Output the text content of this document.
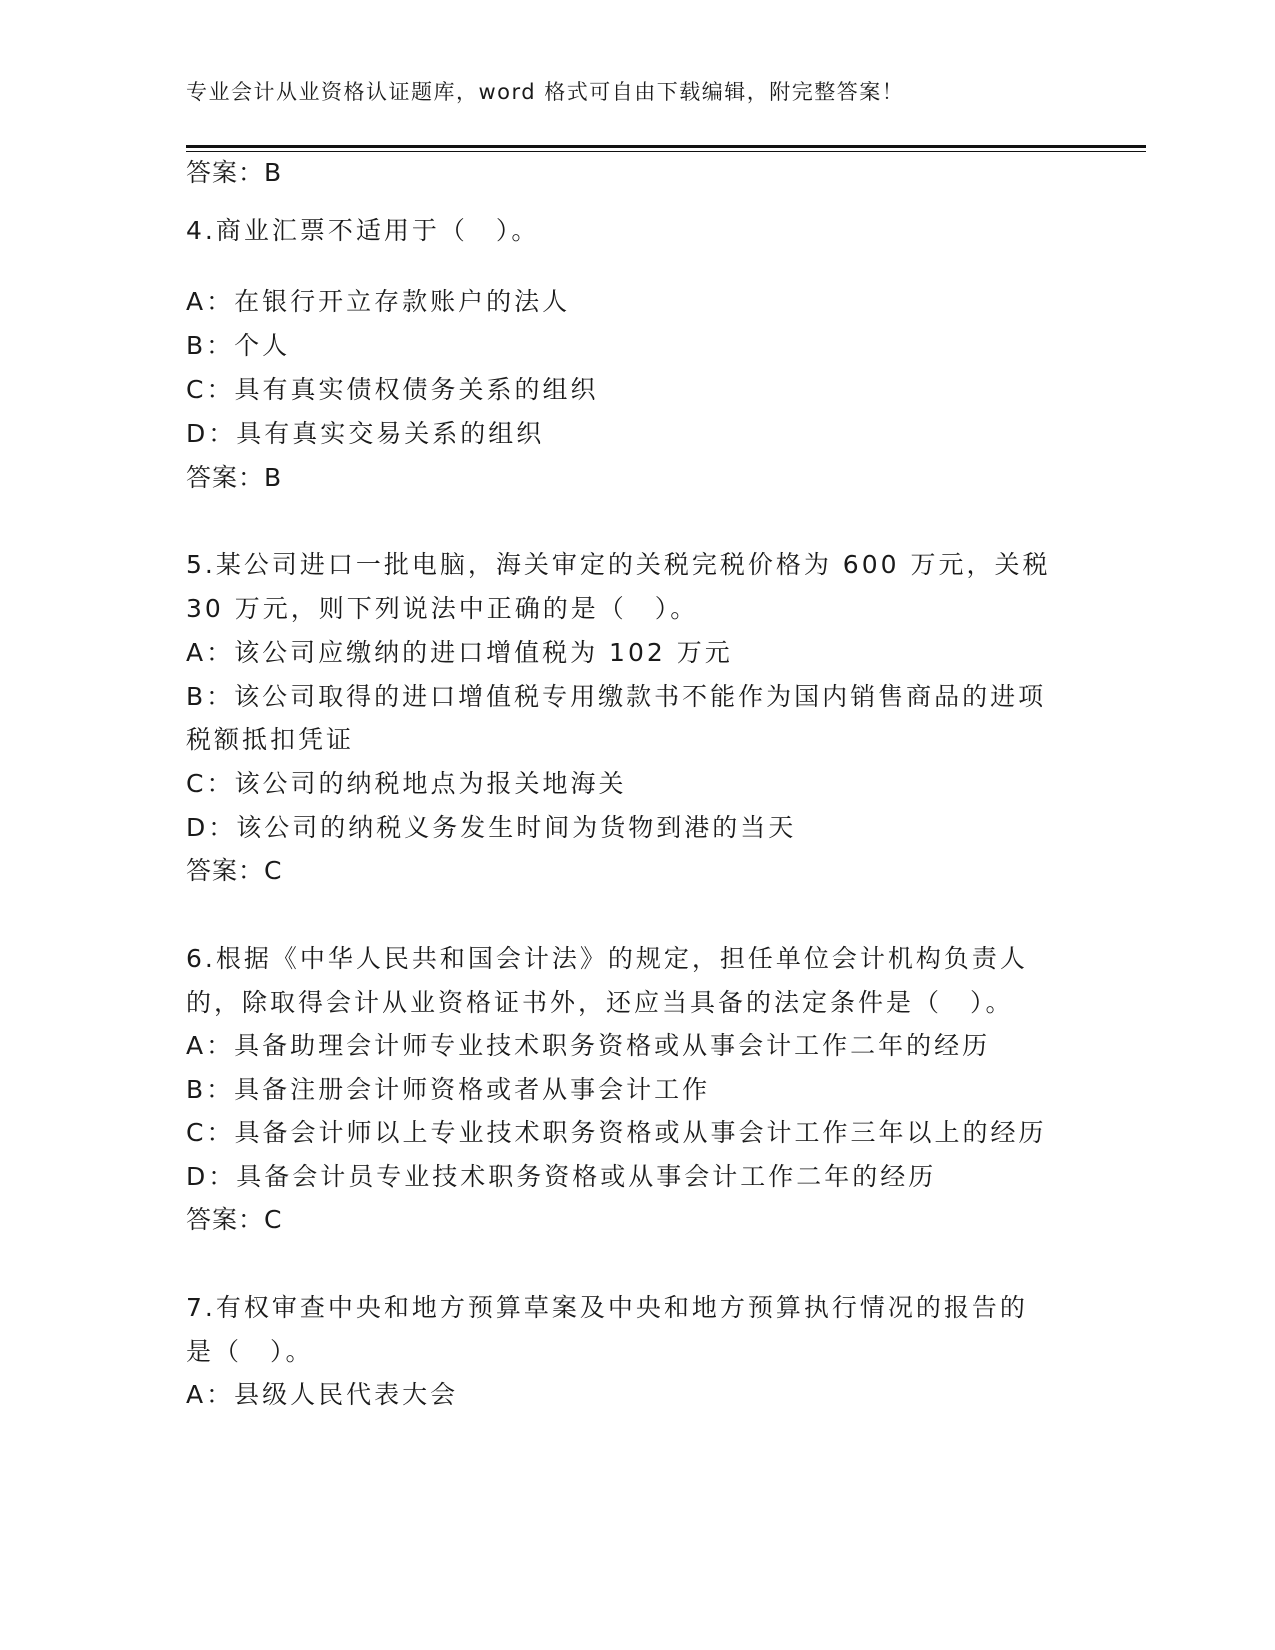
专业会计从业资格认证题库，word 格式可自由下载编辑，附完整答案！
答案：B
4.商业汇票不适用于（　）。
A：在银行开立存款账户的法人
B：个人
C：具有真实债权债务关系的组织
D：具有真实交易关系的组织
答案：B
5.某公司进口一批电脑，海关审定的关税完税价格为 600 万元，关税
30 万元，则下列说法中正确的是（　）。
A：该公司应缴纳的进口增值税为 102 万元
B：该公司取得的进口增值税专用缴款书不能作为国内销售商品的进项
税额抵扣凭证
C：该公司的纳税地点为报关地海关
D：该公司的纳税义务发生时间为货物到港的当天
答案：C
6.根据《中华人民共和国会计法》的规定，担任单位会计机构负责人
的，除取得会计从业资格证书外，还应当具备的法定条件是（　）。
A：具备助理会计师专业技术职务资格或从事会计工作二年的经历
B：具备注册会计师资格或者从事会计工作
C：具备会计师以上专业技术职务资格或从事会计工作三年以上的经历
D：具备会计员专业技术职务资格或从事会计工作二年的经历
答案：C
7.有权审查中央和地方预算草案及中央和地方预算执行情况的报告的
是（　）。
A：县级人民代表大会
